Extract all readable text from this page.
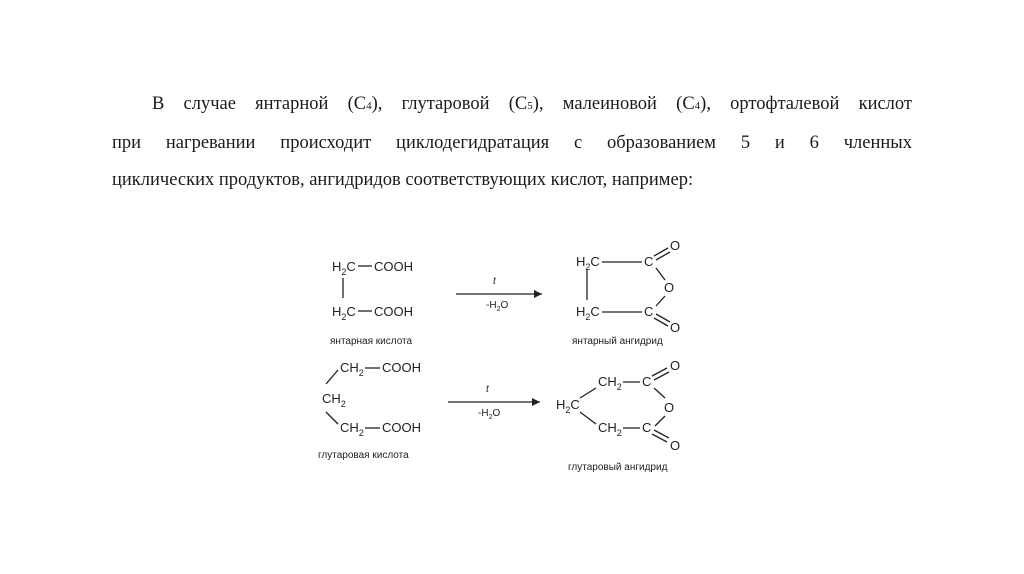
В случае янтарной (С4), глутаровой (С5), малеиновой (С4), ортофталевой кислот
при нагревании происходит циклодегидратация с образованием 5 и 6 членных
циклических продуктов, ангидридов соответствующих кислот, например:
$H_2C$ COOH
$H_2C$ COOH
янтарная кислота
t
$-H_2O$
$H_2C$	C
O
O
$H_2C$	C
O
янтарный ангидрид
$CH_2$ COOH
$CH_2$
$CH_2$ COOH
глутаровая кислота
t
$-H_2O$
$CH_2$ C
O
O
$H_2C$
$CH_2$ C
O
глутаровый ангидрид
